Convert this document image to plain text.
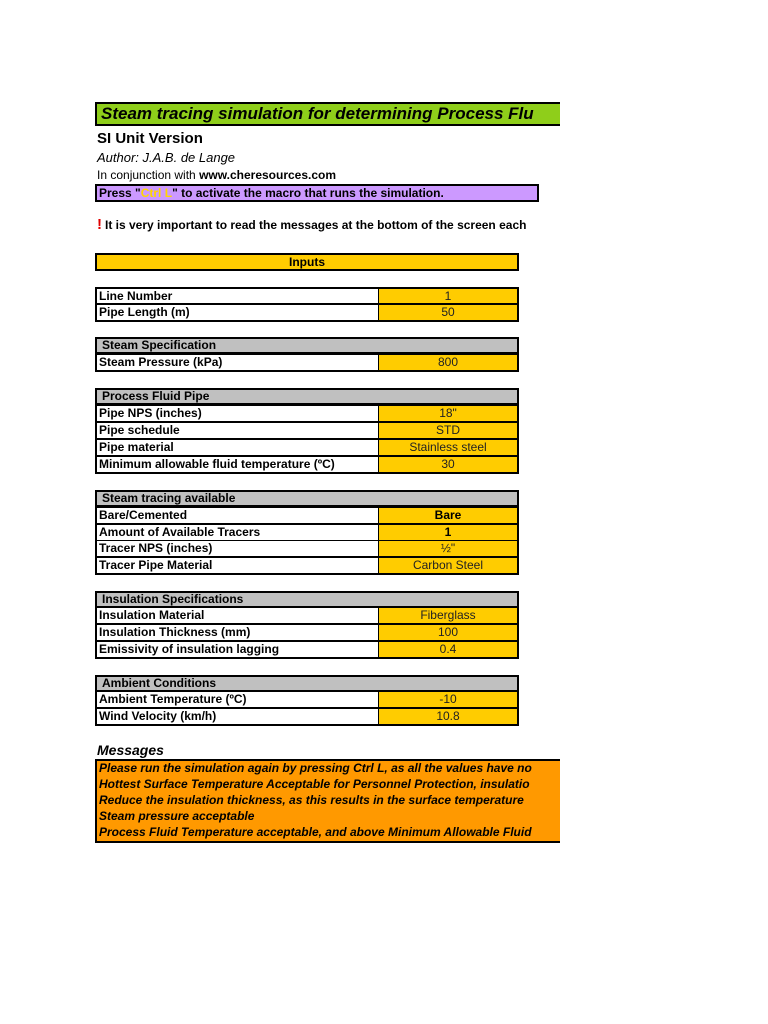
Steam tracing simulation for determining Process Flu
SI Unit Version
Author: J.A.B. de Lange
In conjunction with www.cheresources.com
Press "Ctrl L" to activate the macro that runs the simulation.
! It is very important to read the messages at the bottom of the screen each
Inputs
Line Number	1
Pipe Length (m)	50
Steam Specification
Steam Pressure (kPa)	800
Process Fluid Pipe
Pipe NPS (inches)	18"
Pipe schedule	STD
Pipe material	Stainless steel
Minimum allowable fluid temperature (ºC)	30
Steam tracing available
Bare/Cemented	Bare
Amount of Available Tracers	1
Tracer NPS (inches)	½"
Tracer Pipe Material	Carbon Steel
Insulation Specifications
Insulation Material	Fiberglass
Insulation Thickness (mm)	100
Emissivity of insulation lagging	0.4
Ambient Conditions
Ambient Temperature (ºC)	-10
Wind Velocity (km/h)	10.8
Messages
Please run the simulation again by pressing Ctrl L, as all the values have no
Hottest Surface Temperature Acceptable for Personnel Protection, insulatio
Reduce the insulation thickness, as this results in the surface temperature
Steam pressure acceptable
Process Fluid Temperature acceptable, and above Minimum Allowable Fluid
